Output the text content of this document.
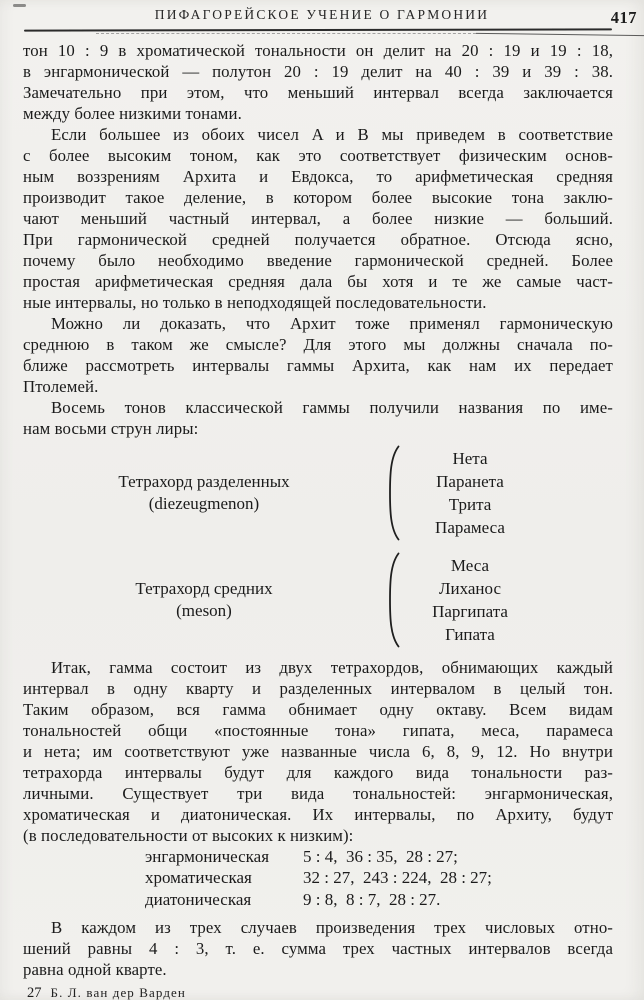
ПИФАГОРЕЙСКОЕ УЧЕНИЕ О ГАРМОНИИ	417
тон 10 : 9 в хроматической тональности он делит на 20 : 19 и 19 : 18,
в энгармонической — полутон 20 : 19 делит на 40 : 39 и 39 : 38.
Замечательно при этом, что меньший интервал всегда заключается
между более низкими тонами.
Если большее из обоих чисел A и B мы приведем в соответствие
с более высоким тоном, как это соответствует физическим основ-
ным воззрениям Архита и Евдокса, то арифметическая средняя
производит такое деление, в котором более высокие тона заклю-
чают меньший частный интервал, а более низкие — больший.
При гармонической средней получается обратное. Отсюда ясно,
почему было необходимо введение гармонической средней. Более
простая арифметическая средняя дала бы хотя и те же самые част-
ные интервалы, но только в неподходящей последовательности.
Можно ли доказать, что Архит тоже применял гармоническую
среднюю в таком же смысле? Для этого мы должны сначала по-
ближе рассмотреть интервалы гаммы Архита, как нам их передает
Птолемей.
Восемь тонов классической гаммы получили названия по име-
нам восьми струн лиры:
Тетрахорд разделенных
(diezeugmenon)
Нета
Паранета
Трита
Парамеса
Тетрахорд средних
(meson)
Меса
Лиханос
Паргипата
Гипата
Итак, гамма состоит из двух тетрахордов, обнимающих каждый
интервал в одну кварту и разделенных интервалом в целый тон.
Таким образом, вся гамма обнимает одну октаву. Всем видам
тональностей общи «постоянные тона» гипата, меса, парамеса
и нета; им соответствуют уже названные числа 6, 8, 9, 12. Но внутри
тетрахорда интервалы будут для каждого вида тональности раз-
личными. Существует три вида тональностей: энгармоническая,
хроматическая и диатоническая. Их интервалы, по Архиту, будут
(в последовательности от высоких к низким):
энгармоническая	5 : 4,  36 : 35,  28 : 27;
хроматическая	32 : 27,  243 : 224,  28 : 27;
диатоническая	9 : 8,  8 : 7,  28 : 27.
В каждом из трех случаев произведения трех числовых отно-
шений равны 4 : 3, т. е. сумма трех частных интервалов всегда
равна одной кварте.
27 Б. Л. ван дер Варден
